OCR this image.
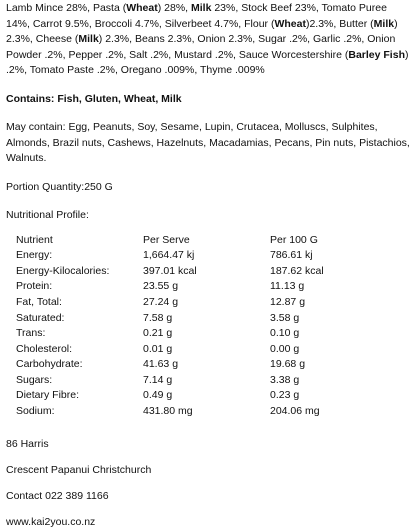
Lamb Mince 28%, Pasta (Wheat) 28%, Milk 23%, Stock Beef 23%, Tomato Puree 14%, Carrot 9.5%, Broccoli 4.7%, Silverbeet 4.7%, Flour (Wheat)2.3%, Butter (Milk) 2.3%, Cheese (Milk) 2.3%, Beans 2.3%, Onion 2.3%, Sugar .2%, Garlic .2%, Onion Powder .2%, Pepper .2%, Salt .2%, Mustard .2%, Sauce Worcestershire (Barley Fish) .2%, Tomato Paste .2%, Oregano .009%, Thyme .009%

Contains: Fish, Gluten, Wheat, Milk

May contain: Egg, Peanuts, Soy, Sesame, Lupin, Crutacea, Molluscs, Sulphites, Almonds, Brazil nuts, Cashews, Hazelnuts, Macadamias, Pecans, Pin nuts, Pistachios, Walnuts.

Portion Quantity:250 G

Nutritional Profile:

Nutrient	Per Serve	Per 100 G
Energy:	1,664.47 kj	786.61 kj
Energy-Kilocalories:	397.01 kcal	187.62 kcal
Protein:	23.55 g	11.13 g
Fat, Total:	27.24 g	12.87 g
Saturated:	7.58 g	3.58 g
Trans:	0.21 g	0.10 g
Cholesterol:	0.01 g	0.00 g
Carbohydrate:	41.63 g	19.68 g
Sugars:	7.14 g	3.38 g
Dietary Fibre:	0.49 g	0.23 g
Sodium:	431.80 mg	204.06 mg

86 Harris

Crescent Papanui Christchurch

Contact 022 389 1166

www.kai2you.co.nz
